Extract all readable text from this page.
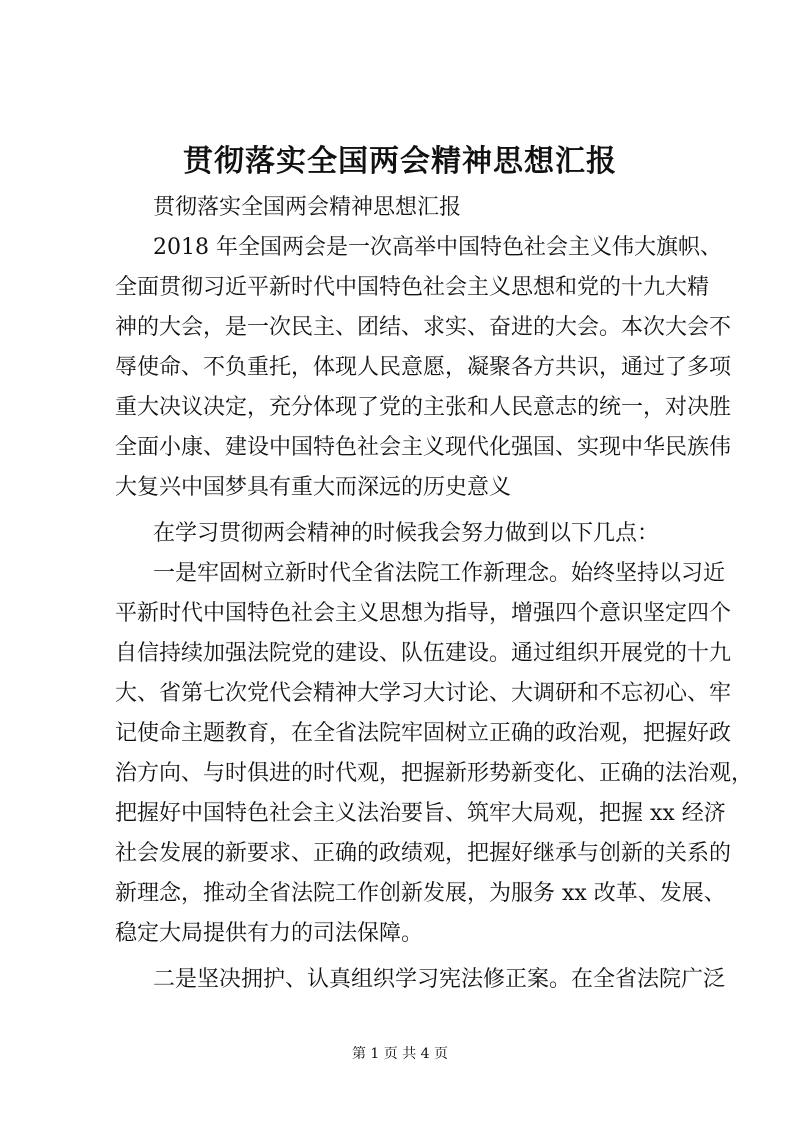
贯彻落实全国两会精神思想汇报
贯彻落实全国两会精神思想汇报
2018 年全国两会是一次高举中国特色社会主义伟大旗帜、
全面贯彻习近平新时代中国特色社会主义思想和党的十九大精
神的大会，是一次民主、团结、求实、奋进的大会。本次大会不
辱使命、不负重托，体现人民意愿，凝聚各方共识，通过了多项
重大决议决定，充分体现了党的主张和人民意志的统一，对决胜
全面小康、建设中国特色社会主义现代化强国、实现中华民族伟
大复兴中国梦具有重大而深远的历史意义
在学习贯彻两会精神的时候我会努力做到以下几点：
一是牢固树立新时代全省法院工作新理念。始终坚持以习近
平新时代中国特色社会主义思想为指导，增强四个意识坚定四个
自信持续加强法院党的建设、队伍建设。通过组织开展党的十九
大、省第七次党代会精神大学习大讨论、大调研和不忘初心、牢
记使命主题教育，在全省法院牢固树立正确的政治观，把握好政
治方向、与时俱进的时代观，把握新形势新变化、正确的法治观，
把握好中国特色社会主义法治要旨、筑牢大局观，把握 xx 经济
社会发展的新要求、正确的政绩观，把握好继承与创新的关系的
新理念，推动全省法院工作创新发展，为服务 xx 改革、发展、
稳定大局提供有力的司法保障。
二是坚决拥护、认真组织学习宪法修正案。在全省法院广泛
第 1 页 共 4 页
